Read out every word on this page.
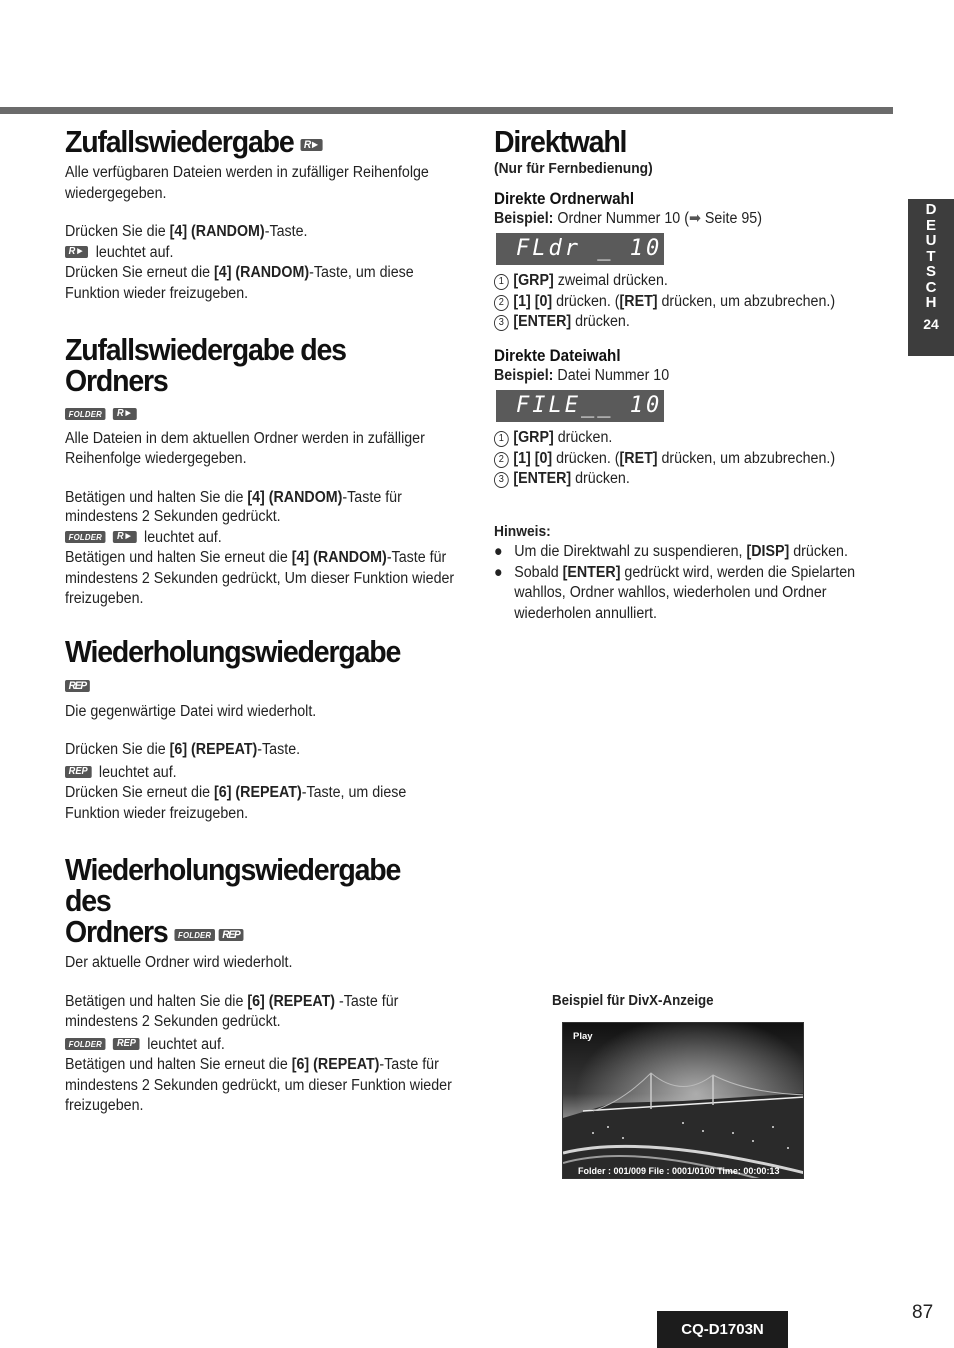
Zufallswiedergabe R►

Alle verfügbaren Dateien werden in zufälliger Reihenfolge wiedergegeben.

Drücken Sie die [4] (RANDOM)-Taste.

R► leuchtet auf.

Drücken Sie erneut die [4] (RANDOM)-Taste, um diese Funktion wieder freizugeben.

Zufallswiedergabe des Ordners

FOLDER R►

Alle Dateien in dem aktuellen Ordner werden in zufälliger Reihenfolge wiedergegeben.

Betätigen und halten Sie die [4] (RANDOM)-Taste für mindestens 2 Sekunden gedrückt.

FOLDER R► leuchtet auf.

Betätigen und halten Sie erneut die [4] (RANDOM)-Taste für mindestens 2 Sekunden gedrückt, Um dieser Funktion wieder freizugeben.

Wiederholungswiedergabe REP

Die gegenwärtige Datei wird wiederholt.

Drücken Sie die [6] (REPEAT)-Taste.

REP leuchtet auf.

Drücken Sie erneut die [6] (REPEAT)-Taste, um diese Funktion wieder freizugeben.

Wiederholungswiedergabe des
Ordners FOLDER REP

Der aktuelle Ordner wird wiederholt.

Betätigen und halten Sie die [6] (REPEAT) -Taste für mindestens 2 Sekunden gedrückt.

FOLDER REP leuchtet auf.

Betätigen und halten Sie erneut die [6] (REPEAT)-Taste für mindestens 2 Sekunden gedrückt, um dieser Funktion wieder freizugeben.

Direktwahl

(Nur für Fernbedienung)

Direkte Ordnerwahl

Beispiel: Ordner Nummer 10 (➡ Seite 95)

FLdr _ 10
1 [GRP] zweimal drücken.
2 [1] [0] drücken. ([RET] drücken, um abzubrechen.)
3 [ENTER] drücken.
Direkte Dateiwahl

Beispiel: Datei Nummer 10

FILE__ 10
1 [GRP] drücken.
2 [1] [0] drücken. ([RET] drücken, um abzubrechen.)
3 [ENTER] drücken.

Hinweis:

● Um die Direktwahl zu suspendieren, [DISP] drücken.
● Sobald [ENTER] gedrückt wird, werden die Spielarten wahllos, Ordner wahllos, wiederholen und Ordner wiederholen annulliert.
D
E
U
T
S
C
H
24
Beispiel für DivX-Anzeige
Play
Folder : 001/009 File : 0001/0100 Time: 00:00:13
CQ-D1703N
87
